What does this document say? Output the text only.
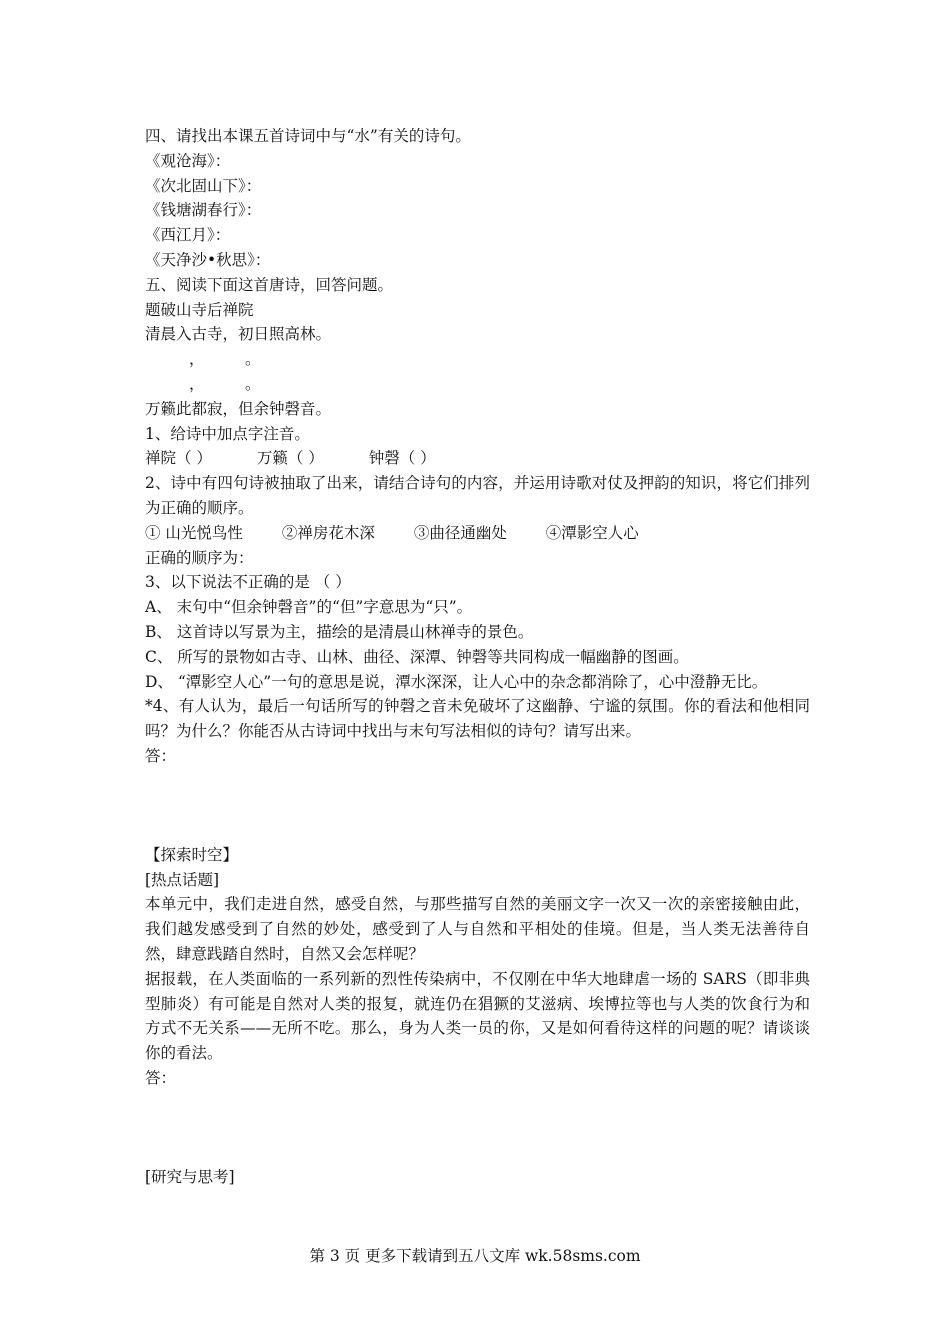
四、请找出本课五首诗词中与“水”有关的诗句。
《观沧海》：
《次北固山下》：
《钱塘湖春行》：
《西江月》：
《天净沙•秋思》：
五、阅读下面这首唐诗，回答问题。
题破山寺后禅院
清晨入古寺，初日照高林。
，	。
，	。
万籁此都寂，但余钟磬音。
1、给诗中加点字注音。
禅院（ ）	万籁（ ）	钟磬（ ）
2、诗中有四句诗被抽取了出来，请结合诗句的内容，并运用诗歌对仗及押韵的知识，将它们排列为正确的顺序。
① 山光悦鸟性	②禅房花木深	③曲径通幽处	④潭影空人心
正确的顺序为：
3、以下说法不正确的是 （ ）
A、 末句中“但余钟磬音”的“但”字意思为“只”。
B、 这首诗以写景为主，描绘的是清晨山林禅寺的景色。
C、 所写的景物如古寺、山林、曲径、深潭、钟磬等共同构成一幅幽静的图画。
D、 “潭影空人心”一句的意思是说，潭水深深，让人心中的杂念都消除了，心中澄静无比。
*4、有人认为，最后一句话所写的钟磬之音未免破坏了这幽静、宁谧的氛围。你的看法和他相同吗？为什么？你能否从古诗词中找出与末句写法相似的诗句？请写出来。
答：
【探索时空】
[热点话题]
本单元中，我们走进自然，感受自然，与那些描写自然的美丽文字一次又一次的亲密接触由此，我们越发感受到了自然的妙处，感受到了人与自然和平相处的佳境。但是，当人类无法善待自然，肆意践踏自然时，自然又会怎样呢？
据报载，在人类面临的一系列新的烈性传染病中，不仅刚在中华大地肆虐一场的 SARS（即非典型肺炎）有可能是自然对人类的报复，就连仍在猖獗的艾滋病、埃博拉等也与人类的饮食行为和方式不无关系——无所不吃。那么，身为人类一员的你，又是如何看待这样的问题的呢？请谈谈你的看法。
答：
[研究与思考]
第 3 页 更多下载请到五八文库 wk.58sms.com
